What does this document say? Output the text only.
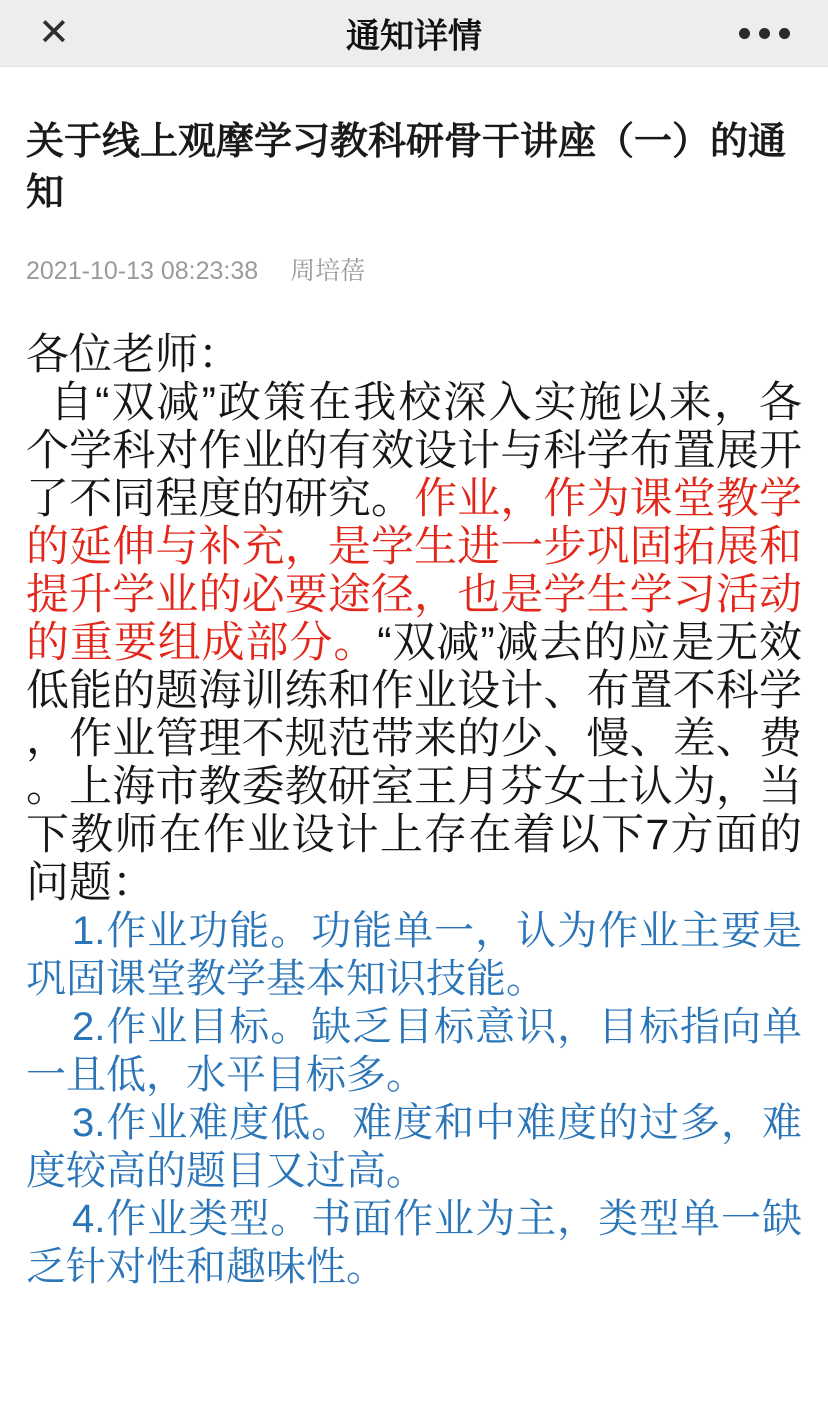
✕	通知详情
关于线上观摩学习教科研骨干讲座（一）的通知
2021-10-13 08:23:38 周培蓓

各位老师：

自“双减”政策在我校深入实施以来，各个学科对作业的有效设计与科学布置展开了不同程度的研究。作业，作为课堂教学的延伸与补充，是学生进一步巩固拓展和提升学业的必要途径，也是学生学习活动的重要组成部分。“双减”减去的应是无效低能的题海训练和作业设计、布置不科学，作业管理不规范带来的少、慢、差、费。上海市教委教研室王月芬女士认为，当下教师在作业设计上存在着以下7方面的问题：

1.作业功能。功能单一，认为作业主要是巩固课堂教学基本知识技能。

2.作业目标。缺乏目标意识，目标指向单一且低，水平目标多。

3.作业难度低。难度和中难度的过多，难度较高的题目又过高。

4.作业类型。书面作业为主，类型单一缺乏针对性和趣味性。
